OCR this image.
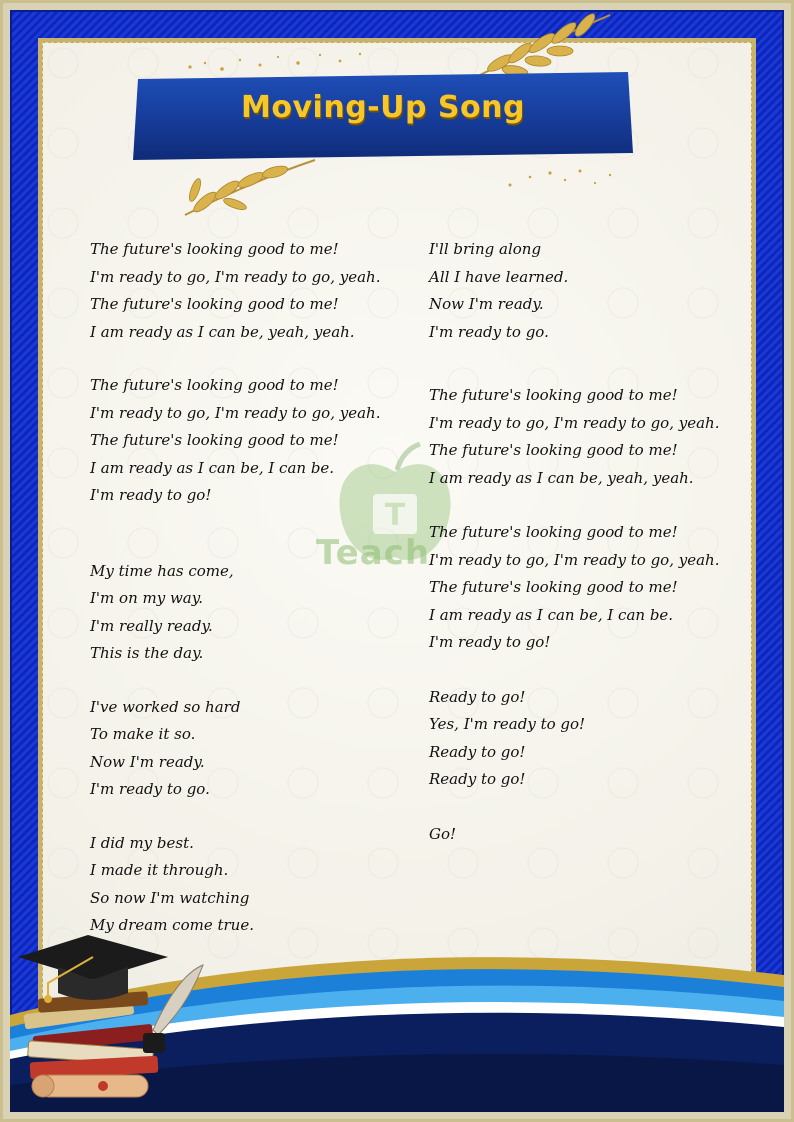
Moving-Up Song
T
Teach
The future's looking good to me!
I'm ready to go, I'm ready to go, yeah.
The future's looking good to me!
I am ready as I can be, yeah, yeah.
The future's looking good to me!
I'm ready to go, I'm ready to go, yeah.
The future's looking good to me!
I am ready as I can be, I can be.
I'm ready to go!
My time has come,
I'm on my way.
I'm really ready.
This is the day.
I've worked so hard
To make it so.
Now I'm ready.
I'm ready to go.
I did my best.
I made it through.
So now I'm watching
My dream come true.
I'll bring along
All I have learned.
Now I'm ready.
I'm ready to go.
The future's looking good to me!
I'm ready to go, I'm ready to go, yeah.
The future's looking good to me!
I am ready as I can be, yeah, yeah.
The future's looking good to me!
I'm ready to go, I'm ready to go, yeah.
The future's looking good to me!
I am ready as I can be, I can be.
I'm ready to go!
Ready to go!
Yes, I'm ready to go!
Ready to go!
Ready to go!
Go!
